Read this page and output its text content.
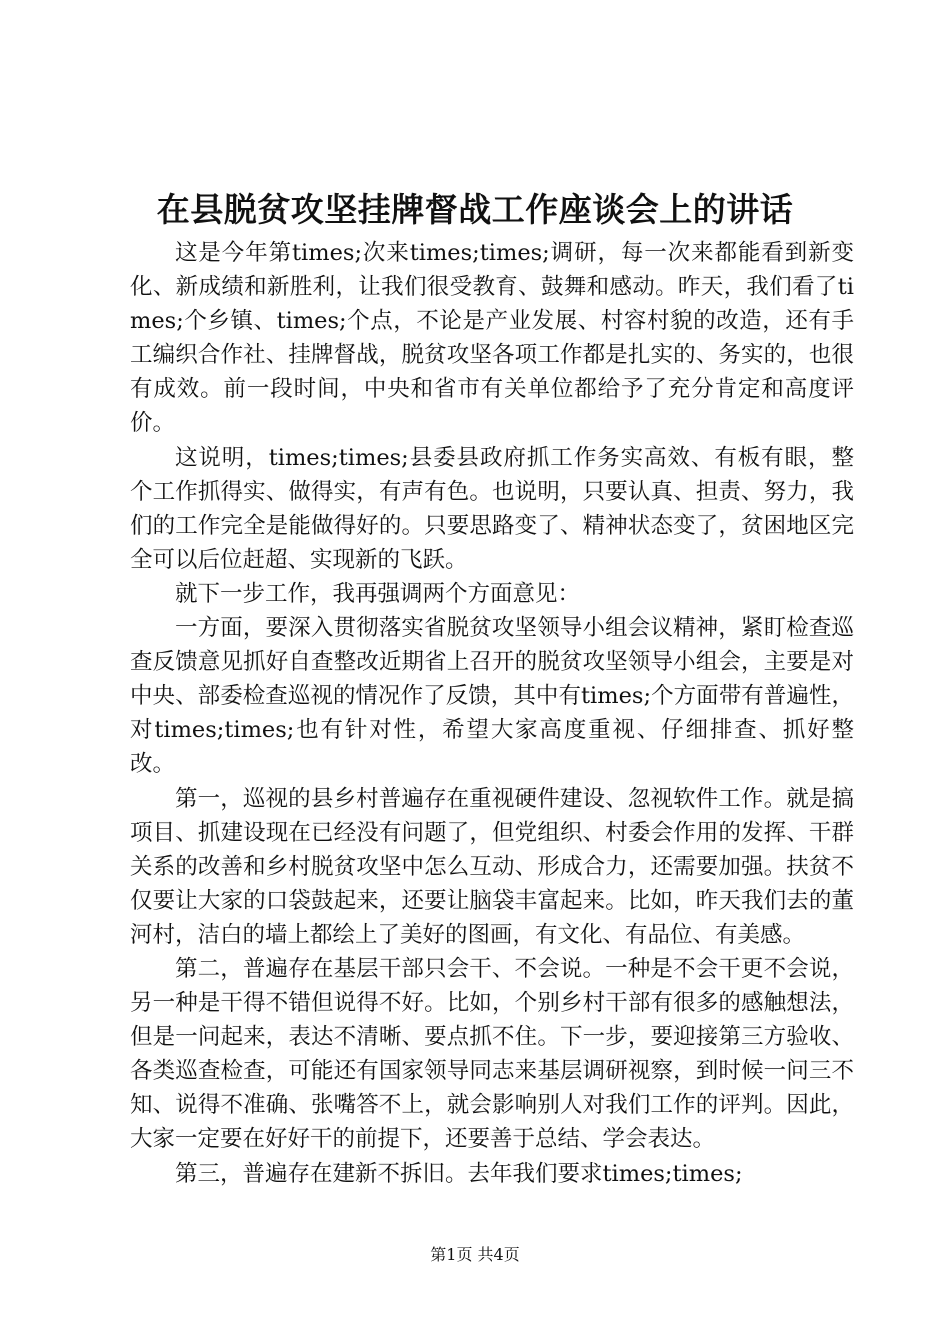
在县脱贫攻坚挂牌督战工作座谈会上的讲话

这是今年第times;次来times;times;调研，每一次来都能看到新变化、新成绩和新胜利，让我们很受教育、鼓舞和感动。昨天，我们看了times;个乡镇、times;个点，不论是产业发展、村容村貌的改造，还有手工编织合作社、挂牌督战，脱贫攻坚各项工作都是扎实的、务实的，也很有成效。前一段时间，中央和省市有关单位都给予了充分肯定和高度评价。

这说明，times;times;县委县政府抓工作务实高效、有板有眼，整个工作抓得实、做得实，有声有色。也说明，只要认真、担责、努力，我们的工作完全是能做得好的。只要思路变了、精神状态变了，贫困地区完全可以后位赶超、实现新的飞跃。

就下一步工作，我再强调两个方面意见：

一方面，要深入贯彻落实省脱贫攻坚领导小组会议精神，紧盯检查巡查反馈意见抓好自查整改近期省上召开的脱贫攻坚领导小组会，主要是对中央、部委检查巡视的情况作了反馈，其中有times;个方面带有普遍性，对times;times;也有针对性，希望大家高度重视、仔细排查、抓好整改。

第一，巡视的县乡村普遍存在重视硬件建设、忽视软件工作。就是搞项目、抓建设现在已经没有问题了，但党组织、村委会作用的发挥、干群关系的改善和乡村脱贫攻坚中怎么互动、形成合力，还需要加强。扶贫不仅要让大家的口袋鼓起来，还要让脑袋丰富起来。比如，昨天我们去的董河村，洁白的墙上都绘上了美好的图画，有文化、有品位、有美感。

第二，普遍存在基层干部只会干、不会说。一种是不会干更不会说，另一种是干得不错但说得不好。比如，个别乡村干部有很多的感触想法，但是一问起来，表达不清晰、要点抓不住。下一步，要迎接第三方验收、各类巡查检查，可能还有国家领导同志来基层调研视察，到时候一问三不知、说得不准确、张嘴答不上，就会影响别人对我们工作的评判。因此，大家一定要在好好干的前提下，还要善于总结、学会表达。

第三，普遍存在建新不拆旧。去年我们要求times;times;

第1页 共4页
